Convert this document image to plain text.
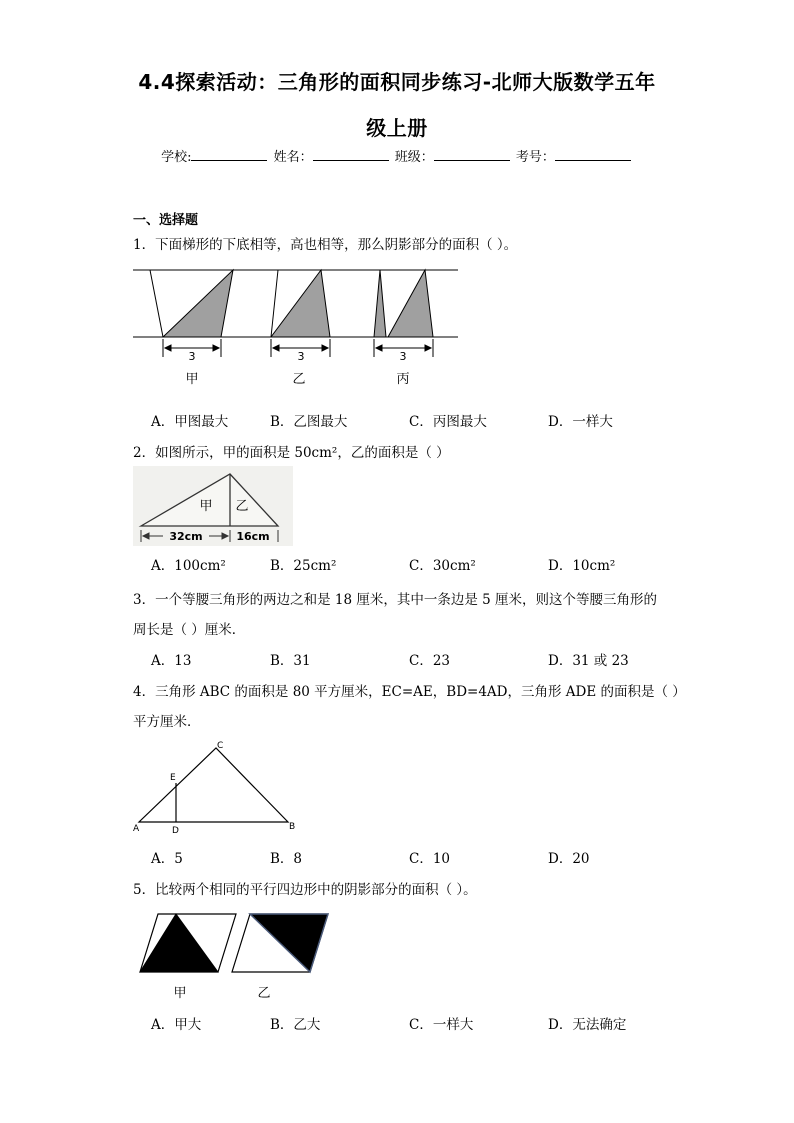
4.4探索活动：三角形的面积同步练习-北师大版数学五年
级上册
学校:	姓名：	班级：	考号：
一、选择题
1．下面梯形的下底相等，高也相等，那么阴影部分的面积（ ）。
3	3	3
甲	乙	丙
A．甲图最大	B．乙图最大	C．丙图最大	D．一样大
2．如图所示，甲的面积是 50cm²，乙的面积是（ ）
甲 乙
32cm	16cm
A．100cm²	B．25cm²	C．30cm²	D．10cm²
3．一个等腰三角形的两边之和是 18 厘米，其中一条边是 5 厘米，则这个等腰三角形的
周长是（ ）厘米．
A．13	B．31	C．23	D．31 或 23
4．三角形 ABC 的面积是 80 平方厘米，EC=AE，BD=4AD，三角形 ADE 的面积是（ ）
平方厘米．
A	B
C
D
E
A．5	B．8	C．10	D．20
5．比较两个相同的平行四边形中的阴影部分的面积（ ）。
甲	乙
A．甲大	B．乙大	C．一样大	D．无法确定
